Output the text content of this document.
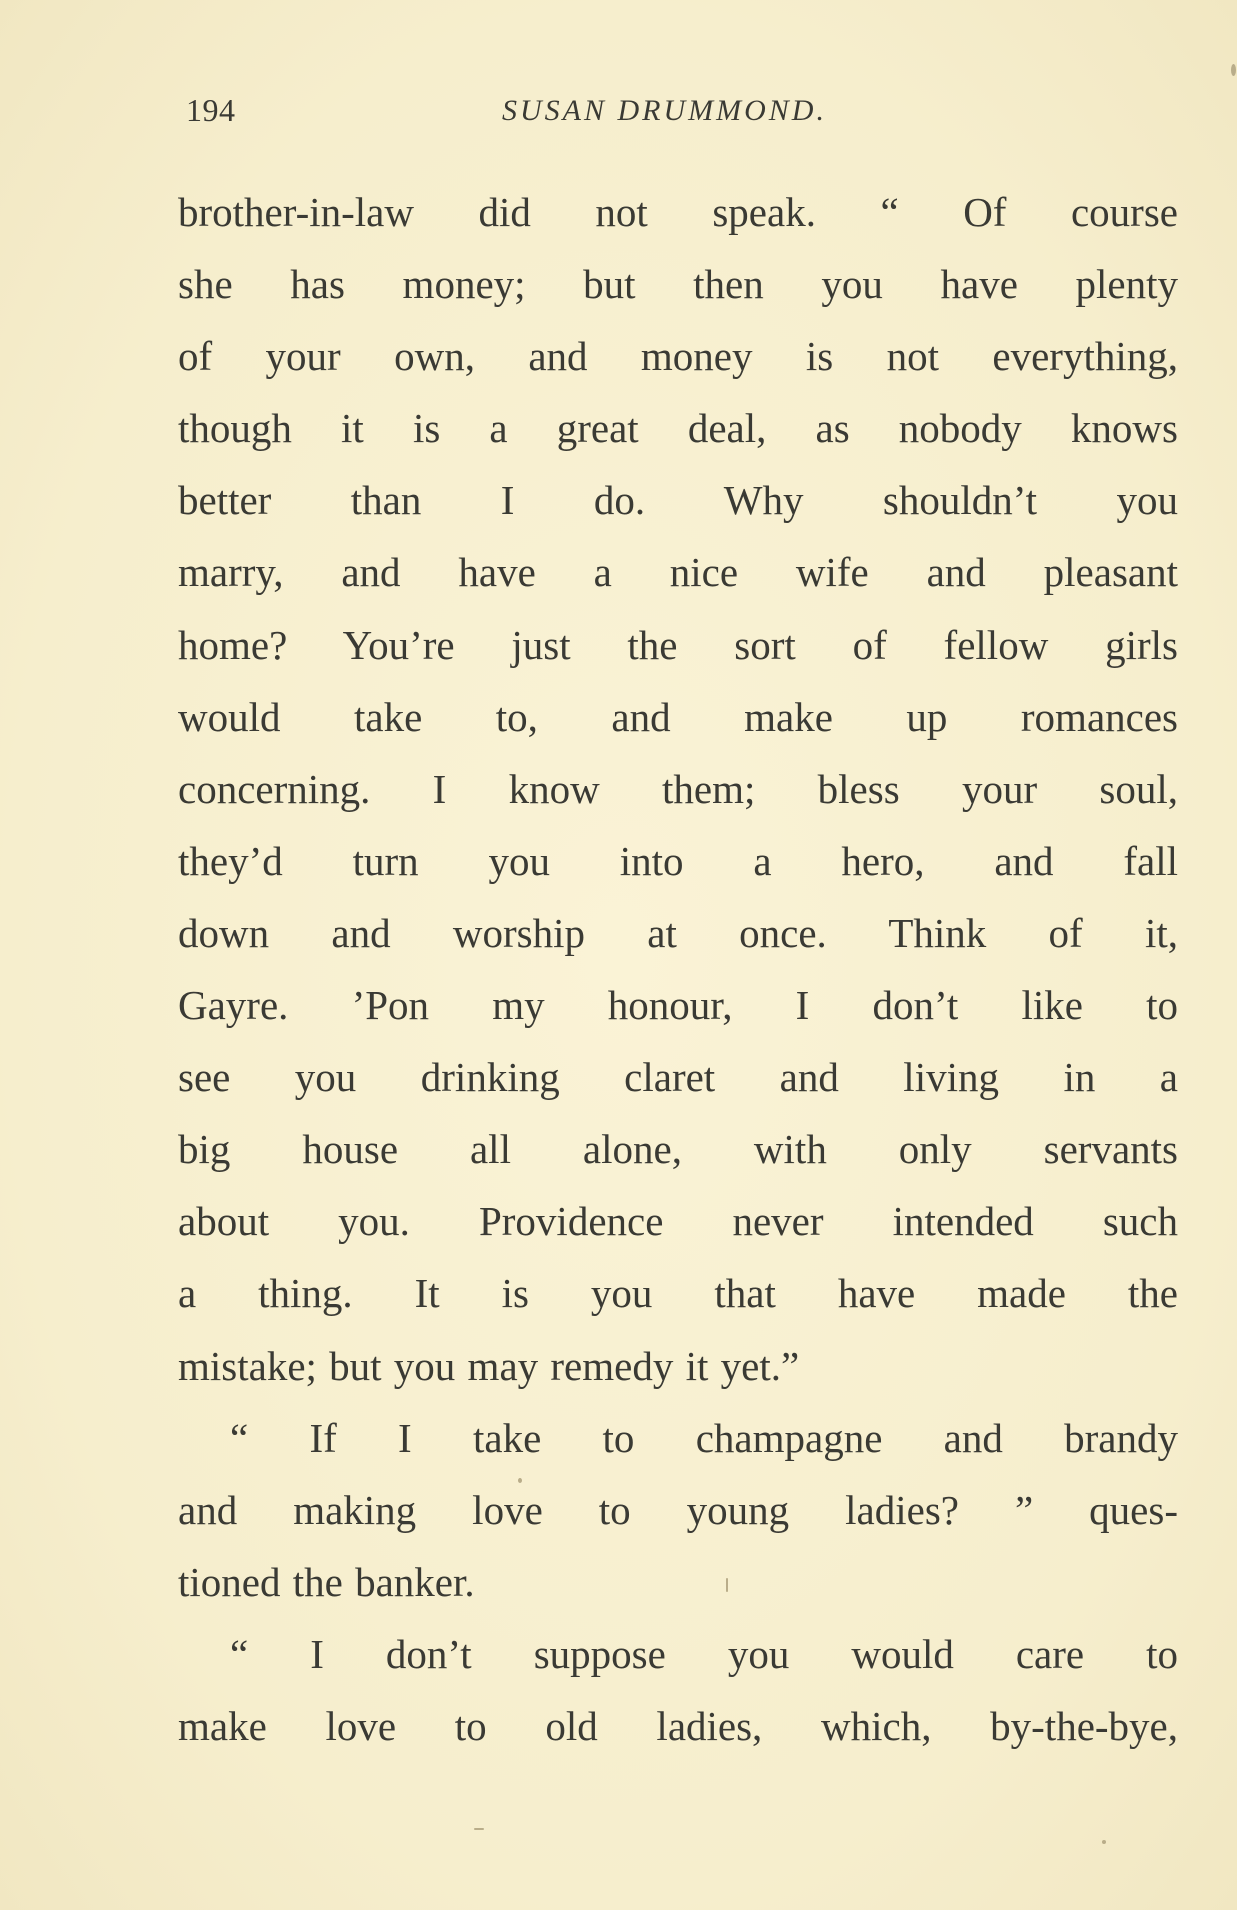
194	SUSAN DRUMMOND.
brother-in-law did not speak. “ Of course
she has money; but then you have plenty
of your own, and money is not everything,
though it is a great deal, as nobody knows
better than I do. Why shouldn’t you
marry, and have a nice wife and pleasant
home? You’re just the sort of fellow girls
would take to, and make up romances
concerning. I know them; bless your soul,
they’d turn you into a hero, and fall
down and worship at once. Think of it,
Gayre. ’Pon my honour, I don’t like to
see you drinking claret and living in a
big house all alone, with only servants
about you. Providence never intended such
a thing. It is you that have made the
mistake; but you may remedy it yet.”
“ If I take to champagne and brandy
and making love to young ladies? ” ques-
tioned the banker.
“ I don’t suppose you would care to
make love to old ladies, which, by-the-bye,
